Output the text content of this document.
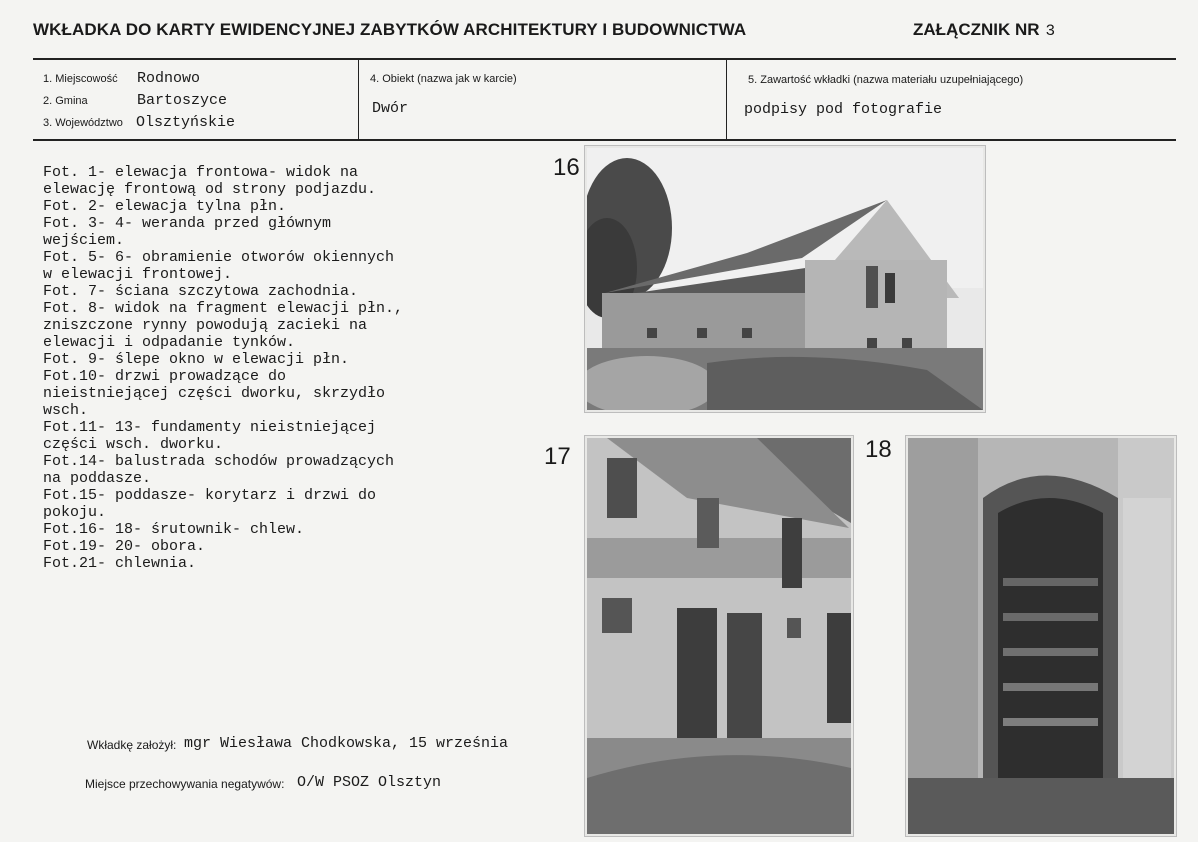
WKŁADKA DO KARTY EWIDENCYJNEJ ZABYTKÓW ARCHITEKTURY I BUDOWNICTWA	ZAŁĄCZNIK NR 3
1. Miejscowość Rodnowo
2. Gmina	Bartoszyce
3. Województwo Olsztyńskie
4. Obiekt (nazwa jak w karcie)
Dwór
5. Zawartość wkładki (nazwa materiału uzupełniającego)
podpisy pod fotografie
Fot. 1- elewacja frontowa- widok na
elewację frontową od strony podjazdu.
Fot. 2- elewacja tylna płn.
Fot. 3- 4- weranda przed głównym
wejściem.
Fot. 5- 6- obramienie otworów okiennych
w elewacji frontowej.
Fot. 7- ściana szczytowa zachodnia.
Fot. 8- widok na fragment elewacji płn.,
zniszczone rynny powodują zacieki na
elewacji i odpadanie tynków.
Fot. 9- ślepe okno w elewacji płn.
Fot.10- drzwi prowadzące do
nieistniejącej części dworku, skrzydło
wsch.
Fot.11- 13- fundamenty nieistniejącej
części wsch. dworku.
Fot.14- balustrada schodów prowadzących
na poddasze.
Fot.15- poddasze- korytarz i drzwi do
pokoju.
Fot.16- 18- śrutownik- chlew.
Fot.19- 20- obora.
Fot.21- chlewnia.
16
17	18
Wkładkę założył: mgr Wiesława Chodkowska, 15 września
Miejsce przechowywania negatywów: O/W PSOZ Olsztyn
